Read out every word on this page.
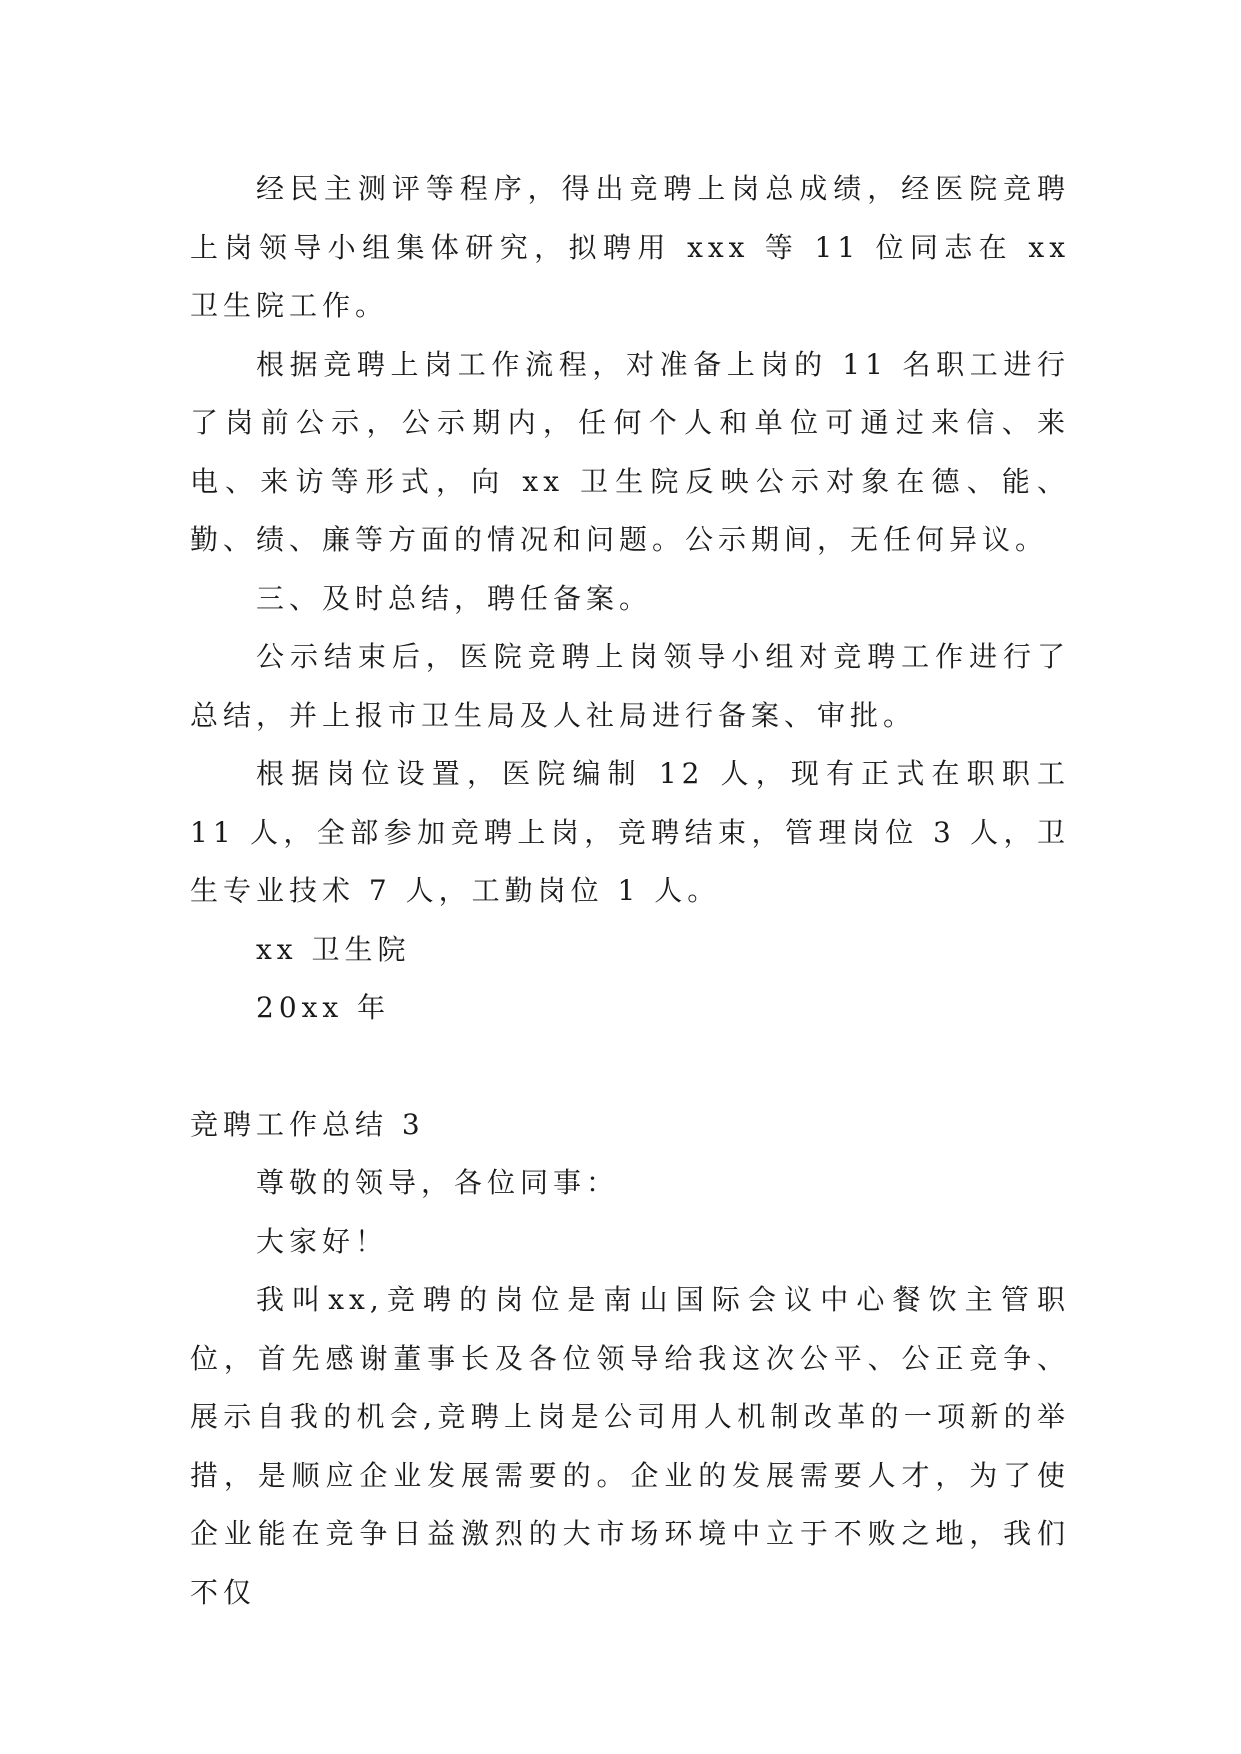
经民主测评等程序，得出竞聘上岗总成绩，经医院竞聘上岗领导小组集体研究，拟聘用 xxx 等 11 位同志在 xx 卫生院工作。

根据竞聘上岗工作流程，对准备上岗的 11 名职工进行了岗前公示，公示期内，任何个人和单位可通过来信、来电、来访等形式，向 xx 卫生院反映公示对象在德、能、勤、绩、廉等方面的情况和问题。公示期间，无任何异议。

三、及时总结，聘任备案。

公示结束后，医院竞聘上岗领导小组对竞聘工作进行了总结，并上报市卫生局及人社局进行备案、审批。

根据岗位设置，医院编制 12 人，现有正式在职职工 11 人，全部参加竞聘上岗，竞聘结束，管理岗位 3 人，卫生专业技术 7 人，工勤岗位 1 人。

xx 卫生院

20xx 年

竞聘工作总结 3

尊敬的领导，各位同事：

大家好！

我叫xx,竞聘的岗位是南山国际会议中心餐饮主管职位，首先感谢董事长及各位领导给我这次公平、公正竞争、展示自我的机会,竞聘上岗是公司用人机制改革的一项新的举措，是顺应企业发展需要的。企业的发展需要人才，为了使企业能在竞争日益激烈的大市场环境中立于不败之地，我们不仅
